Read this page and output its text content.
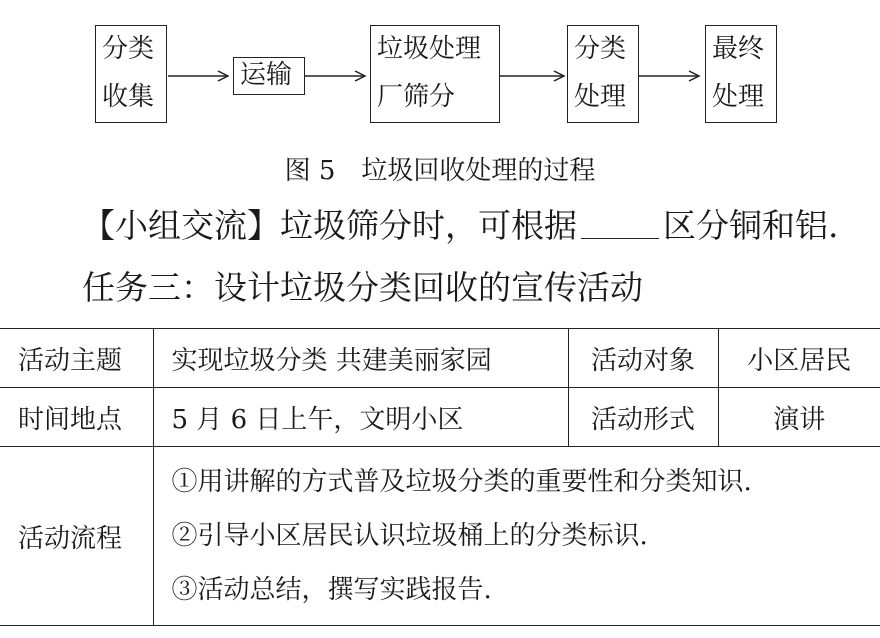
分类
收集
运输
垃圾处理
厂筛分
分类
处理
最终
处理
图 5　垃圾回收处理的过程
【小组交流】垃圾筛分时，可根据	区分铜和铝.
任务三：设计垃圾分类回收的宣传活动
活动主题	实现垃圾分类 共建美丽家园	活动对象	小区居民
时间地点	5 月 6 日上午，文明小区	活动形式	演讲
活动流程	①用讲解的方式普及垃圾分类的重要性和分类知识.
②引导小区居民认识垃圾桶上的分类标识.
③活动总结，撰写实践报告.		
